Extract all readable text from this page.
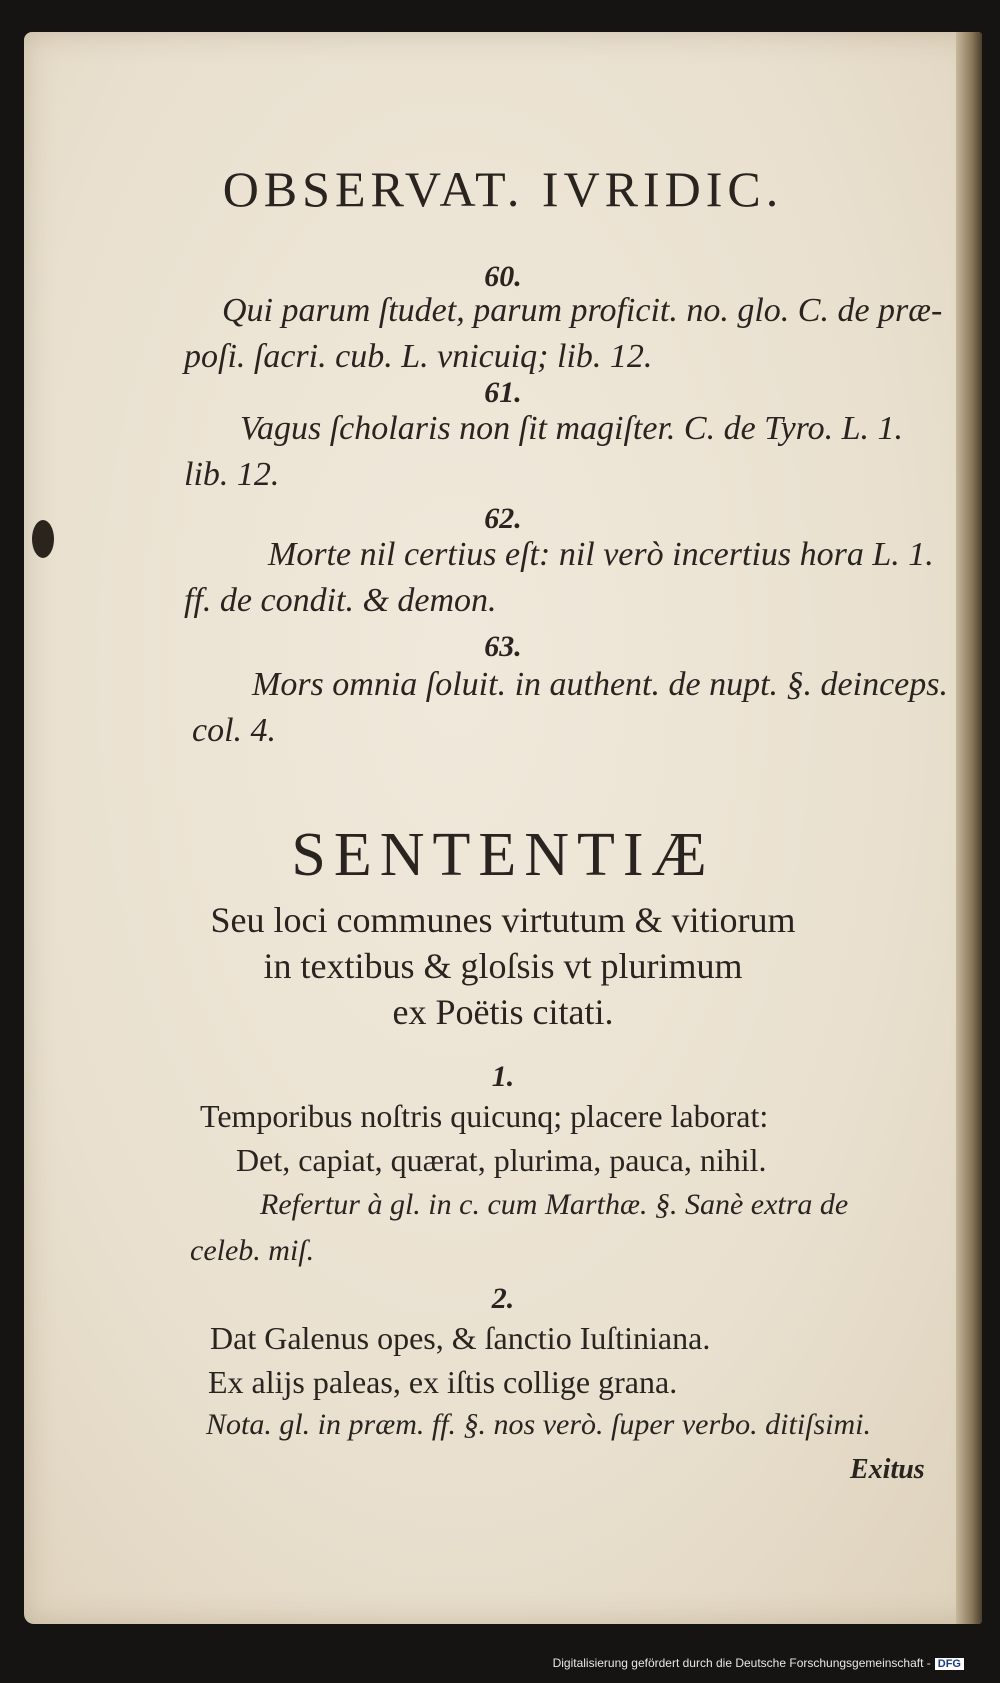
OBSERVAT. IVRIDIC.
60.
Qui parum ſtudet, parum proficit. no. glo. C. de præ-
poſi. ſacri. cub. L. vnicuiq; lib. 12.
61.
Vagus ſcholaris non ſit magiſter. C. de Tyro. L. 1.
lib. 12.
62.
Morte nil certius eſt: nil verò incertius hora L. 1.
ff. de condit. & demon.
63.
Mors omnia ſoluit. in authent. de nupt. §. deinceps.
col. 4.
SENTENTIÆ
Seu loci communes virtutum & vitiorum
in textibus & gloſsis vt plurimum
ex Poëtis citati.
1.
Temporibus noſtris quicunq; placere laborat:
Det, capiat, quærat, plurima, pauca, nihil.
Refertur à gl. in c. cum Marthæ. §. Sanè extra de
celeb. miſ.
2.
Dat Galenus opes, & ſanctio Iuſtiniana.
Ex alijs paleas, ex iſtis collige grana.
Nota. gl. in præm. ff. §. nos verò. ſuper verbo. ditiſsimi.
Exitus
Digitalisierung gefördert durch die Deutsche Forschungsgemeinschaft - DFG
